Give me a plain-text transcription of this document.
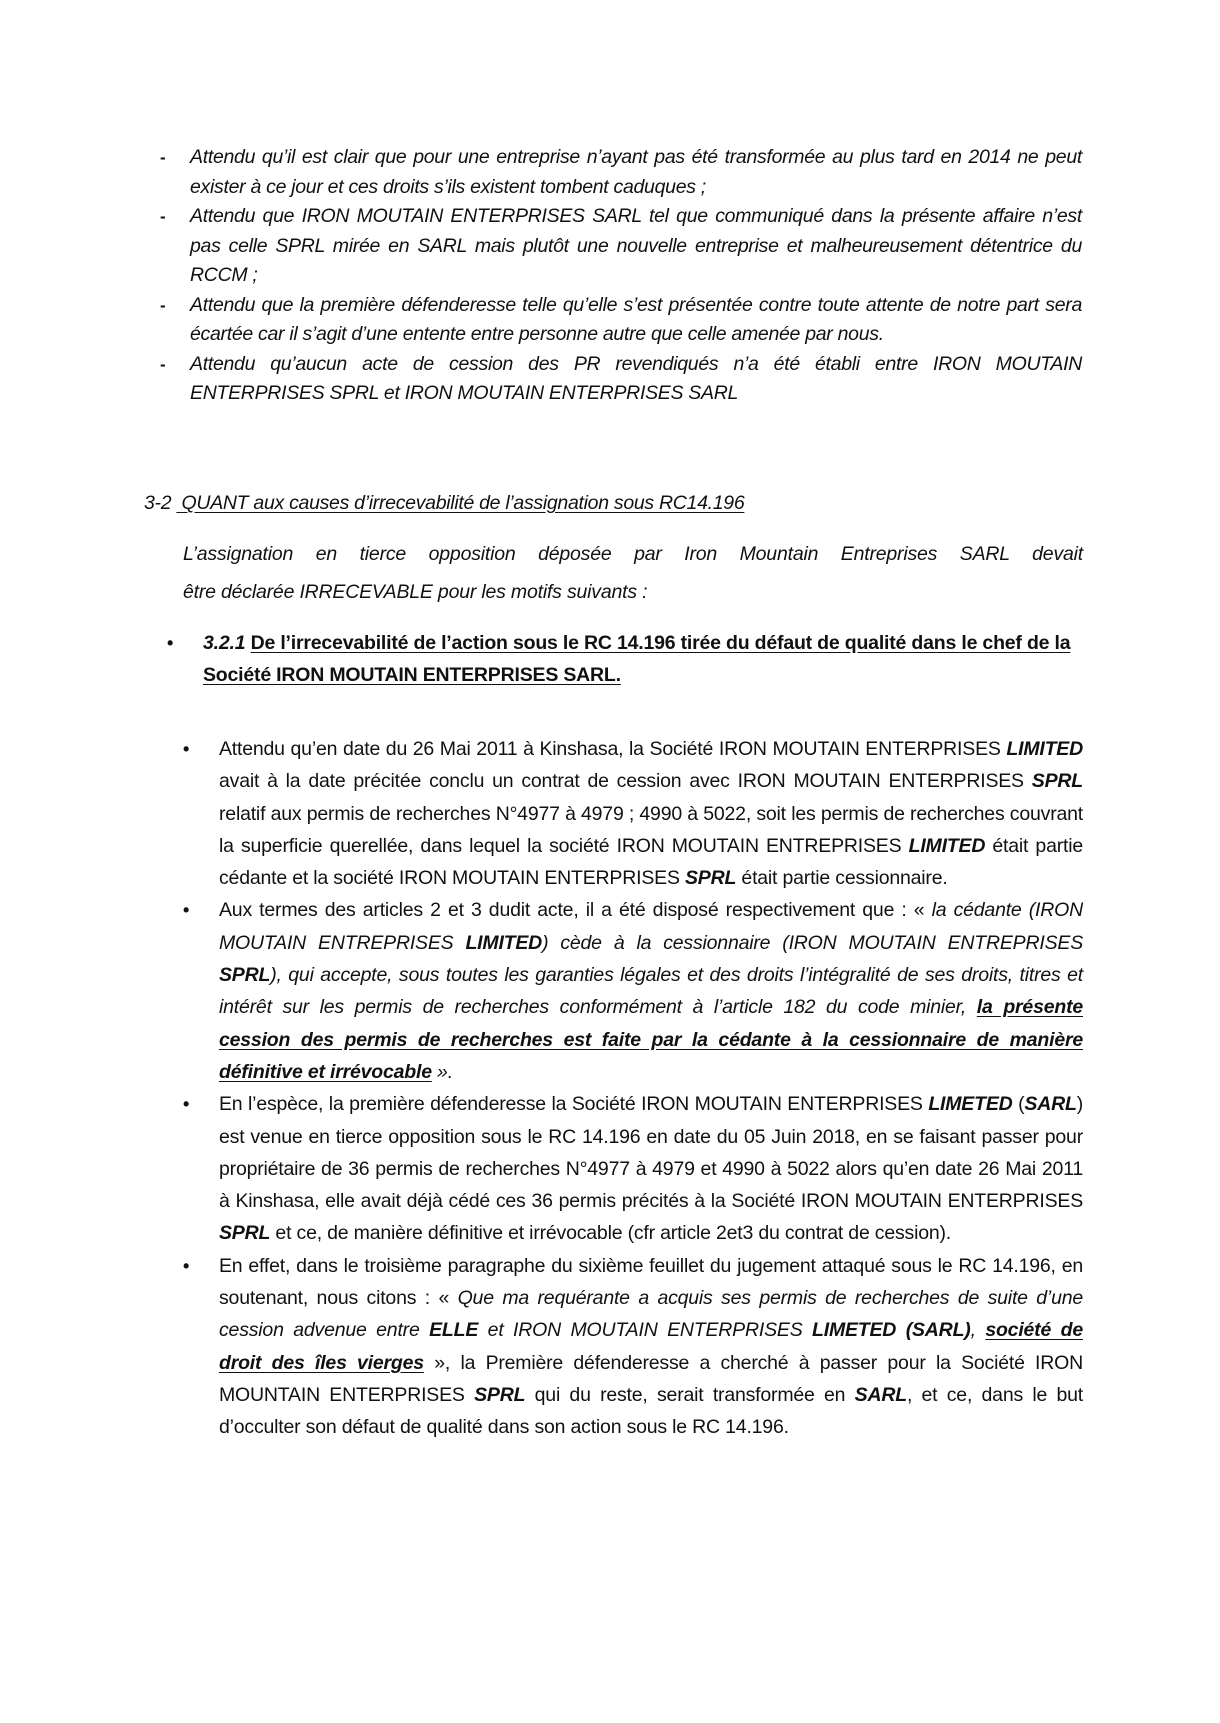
- Attendu qu’il est clair que pour une entreprise n’ayant pas été transformée au plus tard en 2014 ne peut exister à ce jour et ces droits s’ils existent tombent caduques ;
- Attendu que IRON MOUTAIN ENTERPRISES SARL tel que communiqué dans la présente affaire n’est pas celle SPRL mirée en SARL mais plutôt une nouvelle entreprise et malheureusement détentrice du RCCM ;
- Attendu que la première défenderesse telle qu’elle s’est présentée contre toute attente de notre part sera écartée car il s’agit d’une entente entre personne autre que celle amenée par nous.
- Attendu qu’aucun acte de cession des PR revendiqués n’a été établi entre IRON MOUTAIN ENTERPRISES SPRL et IRON MOUTAIN ENTERPRISES SARL
3-2 QUANT aux causes d’irrecevabilité de l’assignation sous RC14.196
L’assignation en tierce opposition déposée par Iron Mountain Entreprises SARL devait
être déclarée IRRECEVABLE pour les motifs suivants :
• 3.2.1 De l’irrecevabilité de l’action sous le RC 14.196 tirée du défaut de qualité dans le chef de la Société IRON MOUTAIN ENTERPRISES SARL.
• Attendu qu’en date du 26 Mai 2011 à Kinshasa, la Société IRON MOUTAIN ENTERPRISES LIMITED avait à la date précitée conclu un contrat de cession avec IRON MOUTAIN ENTERPRISES SPRL relatif aux permis de recherches N°4977 à 4979 ; 4990 à 5022, soit les permis de recherches couvrant la superficie querellée, dans lequel la société IRON MOUTAIN ENTREPRISES LIMITED était partie cédante et la société IRON MOUTAIN ENTERPRISES SPRL était partie cessionnaire.
• Aux termes des articles 2 et 3 dudit acte, il a été disposé respectivement que : « la cédante (IRON MOUTAIN ENTREPRISES LIMITED) cède à la cessionnaire (IRON MOUTAIN ENTREPRISES SPRL), qui accepte, sous toutes les garanties légales et des droits l’intégralité de ses droits, titres et intérêt sur les permis de recherches conformément à l’article 182 du code minier, la présente cession des permis de recherches est faite par la cédante à la cessionnaire de manière définitive et irrévocable ».
• En l’espèce, la première défenderesse la Société IRON MOUTAIN ENTERPRISES LIMETED (SARL) est venue en tierce opposition sous le RC 14.196 en date du 05 Juin 2018, en se faisant passer pour propriétaire de 36 permis de recherches N°4977 à 4979 et 4990 à 5022 alors qu’en date 26 Mai 2011 à Kinshasa, elle avait déjà cédé ces 36 permis précités à la Société IRON MOUTAIN ENTERPRISES SPRL et ce, de manière définitive et irrévocable (cfr article 2et3 du contrat de cession).
• En effet, dans le troisième paragraphe du sixième feuillet du jugement attaqué sous le RC 14.196, en soutenant, nous citons : « Que ma requérante a acquis ses permis de recherches de suite d’une cession advenue entre ELLE et IRON MOUTAIN ENTERPRISES LIMETED (SARL), société de droit des îles vierges », la Première défenderesse a cherché à passer pour la Société IRON MOUNTAIN ENTERPRISES SPRL qui du reste, serait transformée en SARL, et ce, dans le but d’occulter son défaut de qualité dans son action sous le RC 14.196.
